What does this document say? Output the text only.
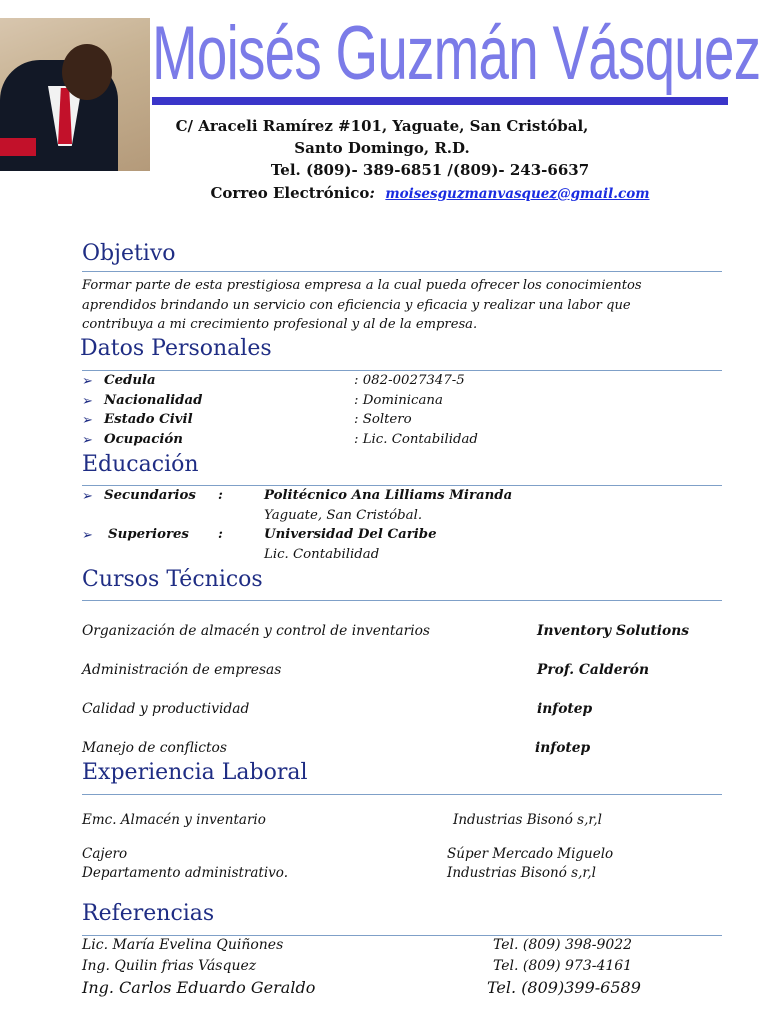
Moisés Guzmán Vásquez
C/ Araceli Ramírez #101, Yaguate, San Cristóbal,
Santo Domingo, R.D.
Tel. (809)- 389-6851 /(809)- 243-6637
Correo Electrónico: moisesguzmanvasquez@gmail.com
Objetivo
Formar parte de esta prestigiosa empresa a la cual pueda ofrecer los conocimientos
aprendidos brindando un servicio con eficiencia y eficacia y realizar una labor que
contribuya a mi crecimiento profesional y al de la empresa.
Datos Personales
➢ Cedula	: 082-0027347-5
➢ Nacionalidad	: Dominicana
➢ Estado Civil	: Soltero
➢ Ocupación	: Lic. Contabilidad
Educación
➢ Secundarios :	Politécnico Ana Lilliams Miranda
Yaguate, San Cristóbal.
➢ Superiores :	Universidad Del Caribe
Lic. Contabilidad
Cursos Técnicos
Organización de almacén y control de inventarios	Inventory Solutions
Administración de empresas	Prof. Calderón
Calidad y productividad	infotep
Manejo de conflictos	infotep
Experiencia Laboral
Emc. Almacén y inventario	Industrias Bisonó s,r,l
Cajero	Súper Mercado Miguelo
Departamento administrativo.	Industrias Bisonó s,r,l
Referencias
Lic. María Evelina Quiñones	Tel. (809) 398-9022
Ing. Quilin frias Vásquez	Tel. (809) 973-4161
Ing. Carlos Eduardo Geraldo	Tel. (809)399-6589
